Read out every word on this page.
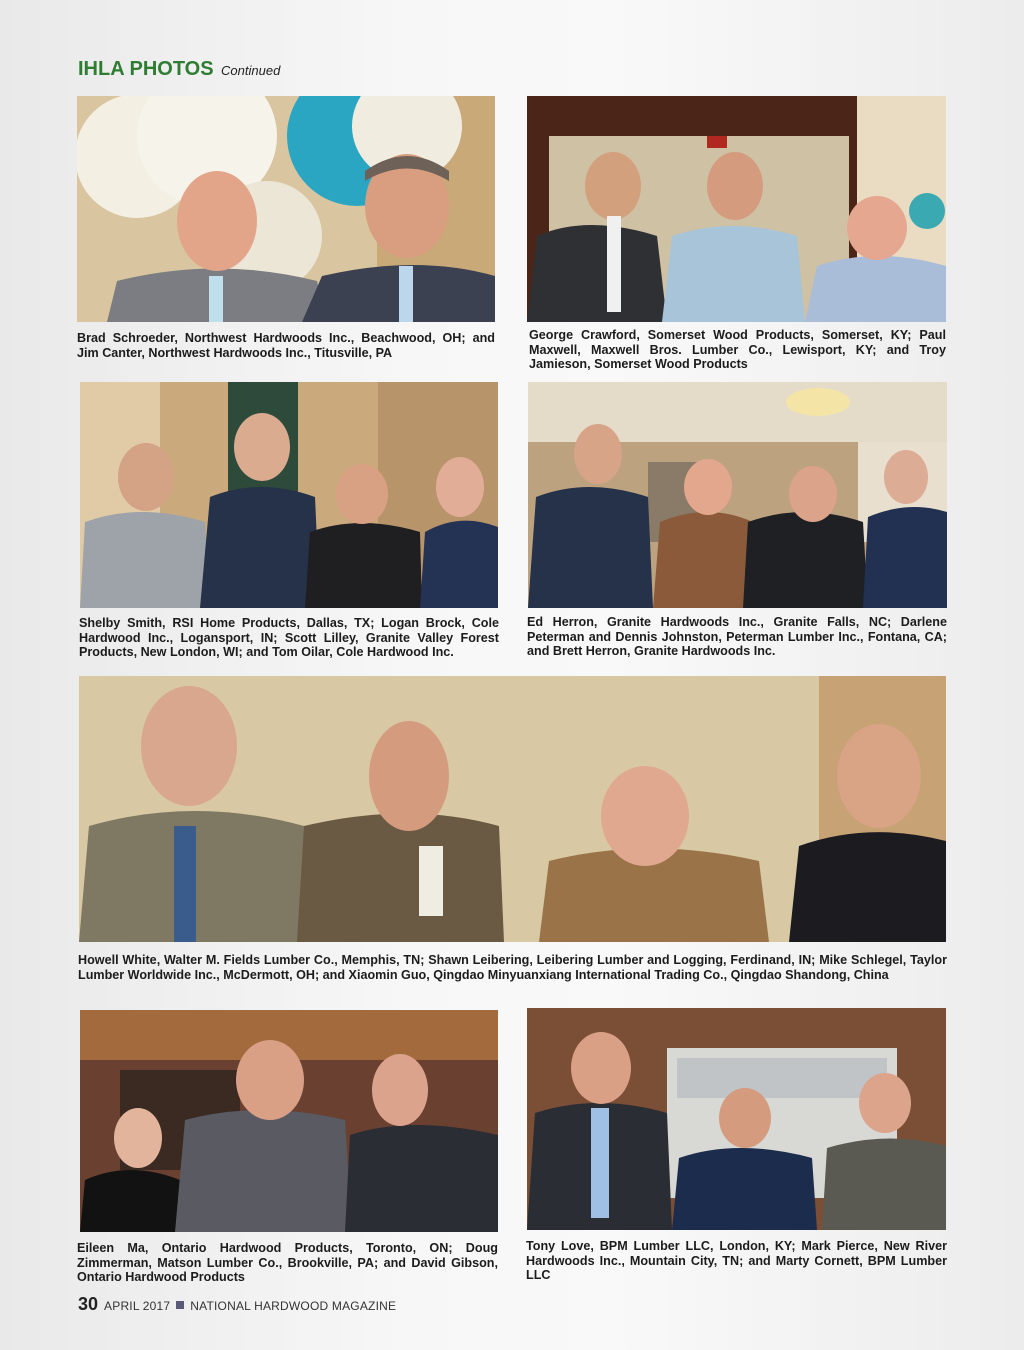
IHLA PHOTOS Continued
Brad Schroeder, Northwest Hardwoods Inc., Beachwood, OH; and Jim Canter, Northwest Hardwoods Inc., Titusville, PA
George Crawford, Somerset Wood Products, Somerset, KY; Paul Maxwell, Maxwell Bros. Lumber Co., Lewisport, KY; and Troy Jamieson, Somerset Wood Products
Shelby Smith, RSI Home Products, Dallas, TX; Logan Brock, Cole Hardwood Inc., Logansport, IN; Scott Lilley, Granite Valley Forest Products, New London, WI; and Tom Oilar, Cole Hardwood Inc.
Ed Herron, Granite Hardwoods Inc., Granite Falls, NC; Darlene Peterman and Dennis Johnston, Peterman Lumber Inc., Fontana, CA; and Brett Herron, Granite Hardwoods Inc.
Howell White, Walter M. Fields Lumber Co., Memphis, TN; Shawn Leibering, Leibering Lumber and Logging, Ferdinand, IN; Mike Schlegel, Taylor Lumber Worldwide Inc., McDermott, OH; and Xiaomin Guo, Qingdao Minyuanxiang International Trading Co., Qingdao Shandong, China
Eileen Ma, Ontario Hardwood Products, Toronto, ON; Doug Zimmerman, Matson Lumber Co., Brookville, PA; and David Gibson, Ontario Hardwood Products
Tony Love, BPM Lumber LLC, London, KY; Mark Pierce, New River Hardwoods Inc., Mountain City, TN; and Marty Cornett, BPM Lumber LLC
30 APRIL 2017 NATIONAL HARDWOOD MAGAZINE
